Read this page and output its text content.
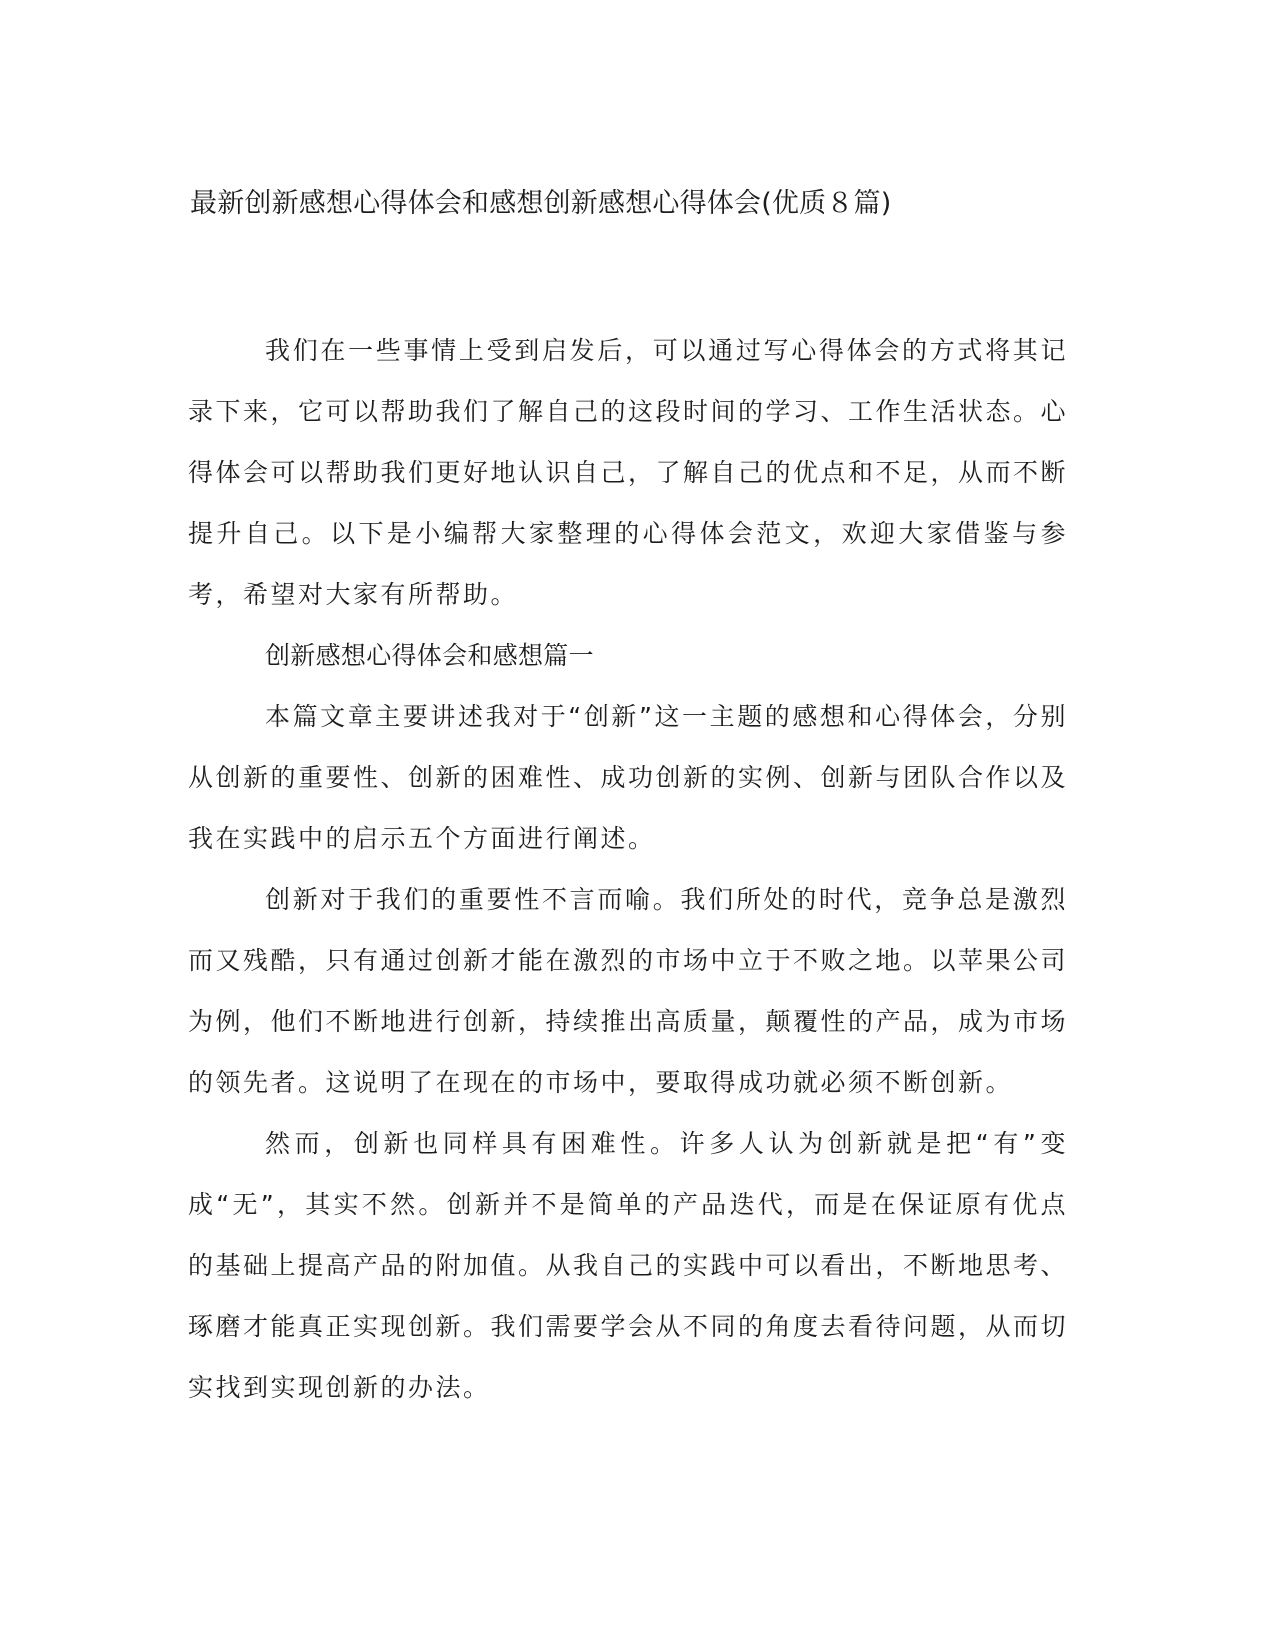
最新创新感想心得体会和感想创新感想心得体会(优质８篇)

我们在一些事情上受到启发后，可以通过写心得体会的方式将其记录下来，它可以帮助我们了解自己的这段时间的学习、工作生活状态。心得体会可以帮助我们更好地认识自己，了解自己的优点和不足，从而不断提升自己。以下是小编帮大家整理的心得体会范文，欢迎大家借鉴与参考，希望对大家有所帮助。

创新感想心得体会和感想篇一

本篇文章主要讲述我对于“创新”这一主题的感想和心得体会，分别从创新的重要性、创新的困难性、成功创新的实例、创新与团队合作以及我在实践中的启示五个方面进行阐述。

创新对于我们的重要性不言而喻。我们所处的时代，竞争总是激烈而又残酷，只有通过创新才能在激烈的市场中立于不败之地。以苹果公司为例，他们不断地进行创新，持续推出高质量，颠覆性的产品，成为市场的领先者。这说明了在现在的市场中，要取得成功就必须不断创新。

然而，创新也同样具有困难性。许多人认为创新就是把“有”变成“无”，其实不然。创新并不是简单的产品迭代，而是在保证原有优点的基础上提高产品的附加值。从我自己的实践中可以看出，不断地思考、琢磨才能真正实现创新。我们需要学会从不同的角度去看待问题，从而切实找到实现创新的办法。
